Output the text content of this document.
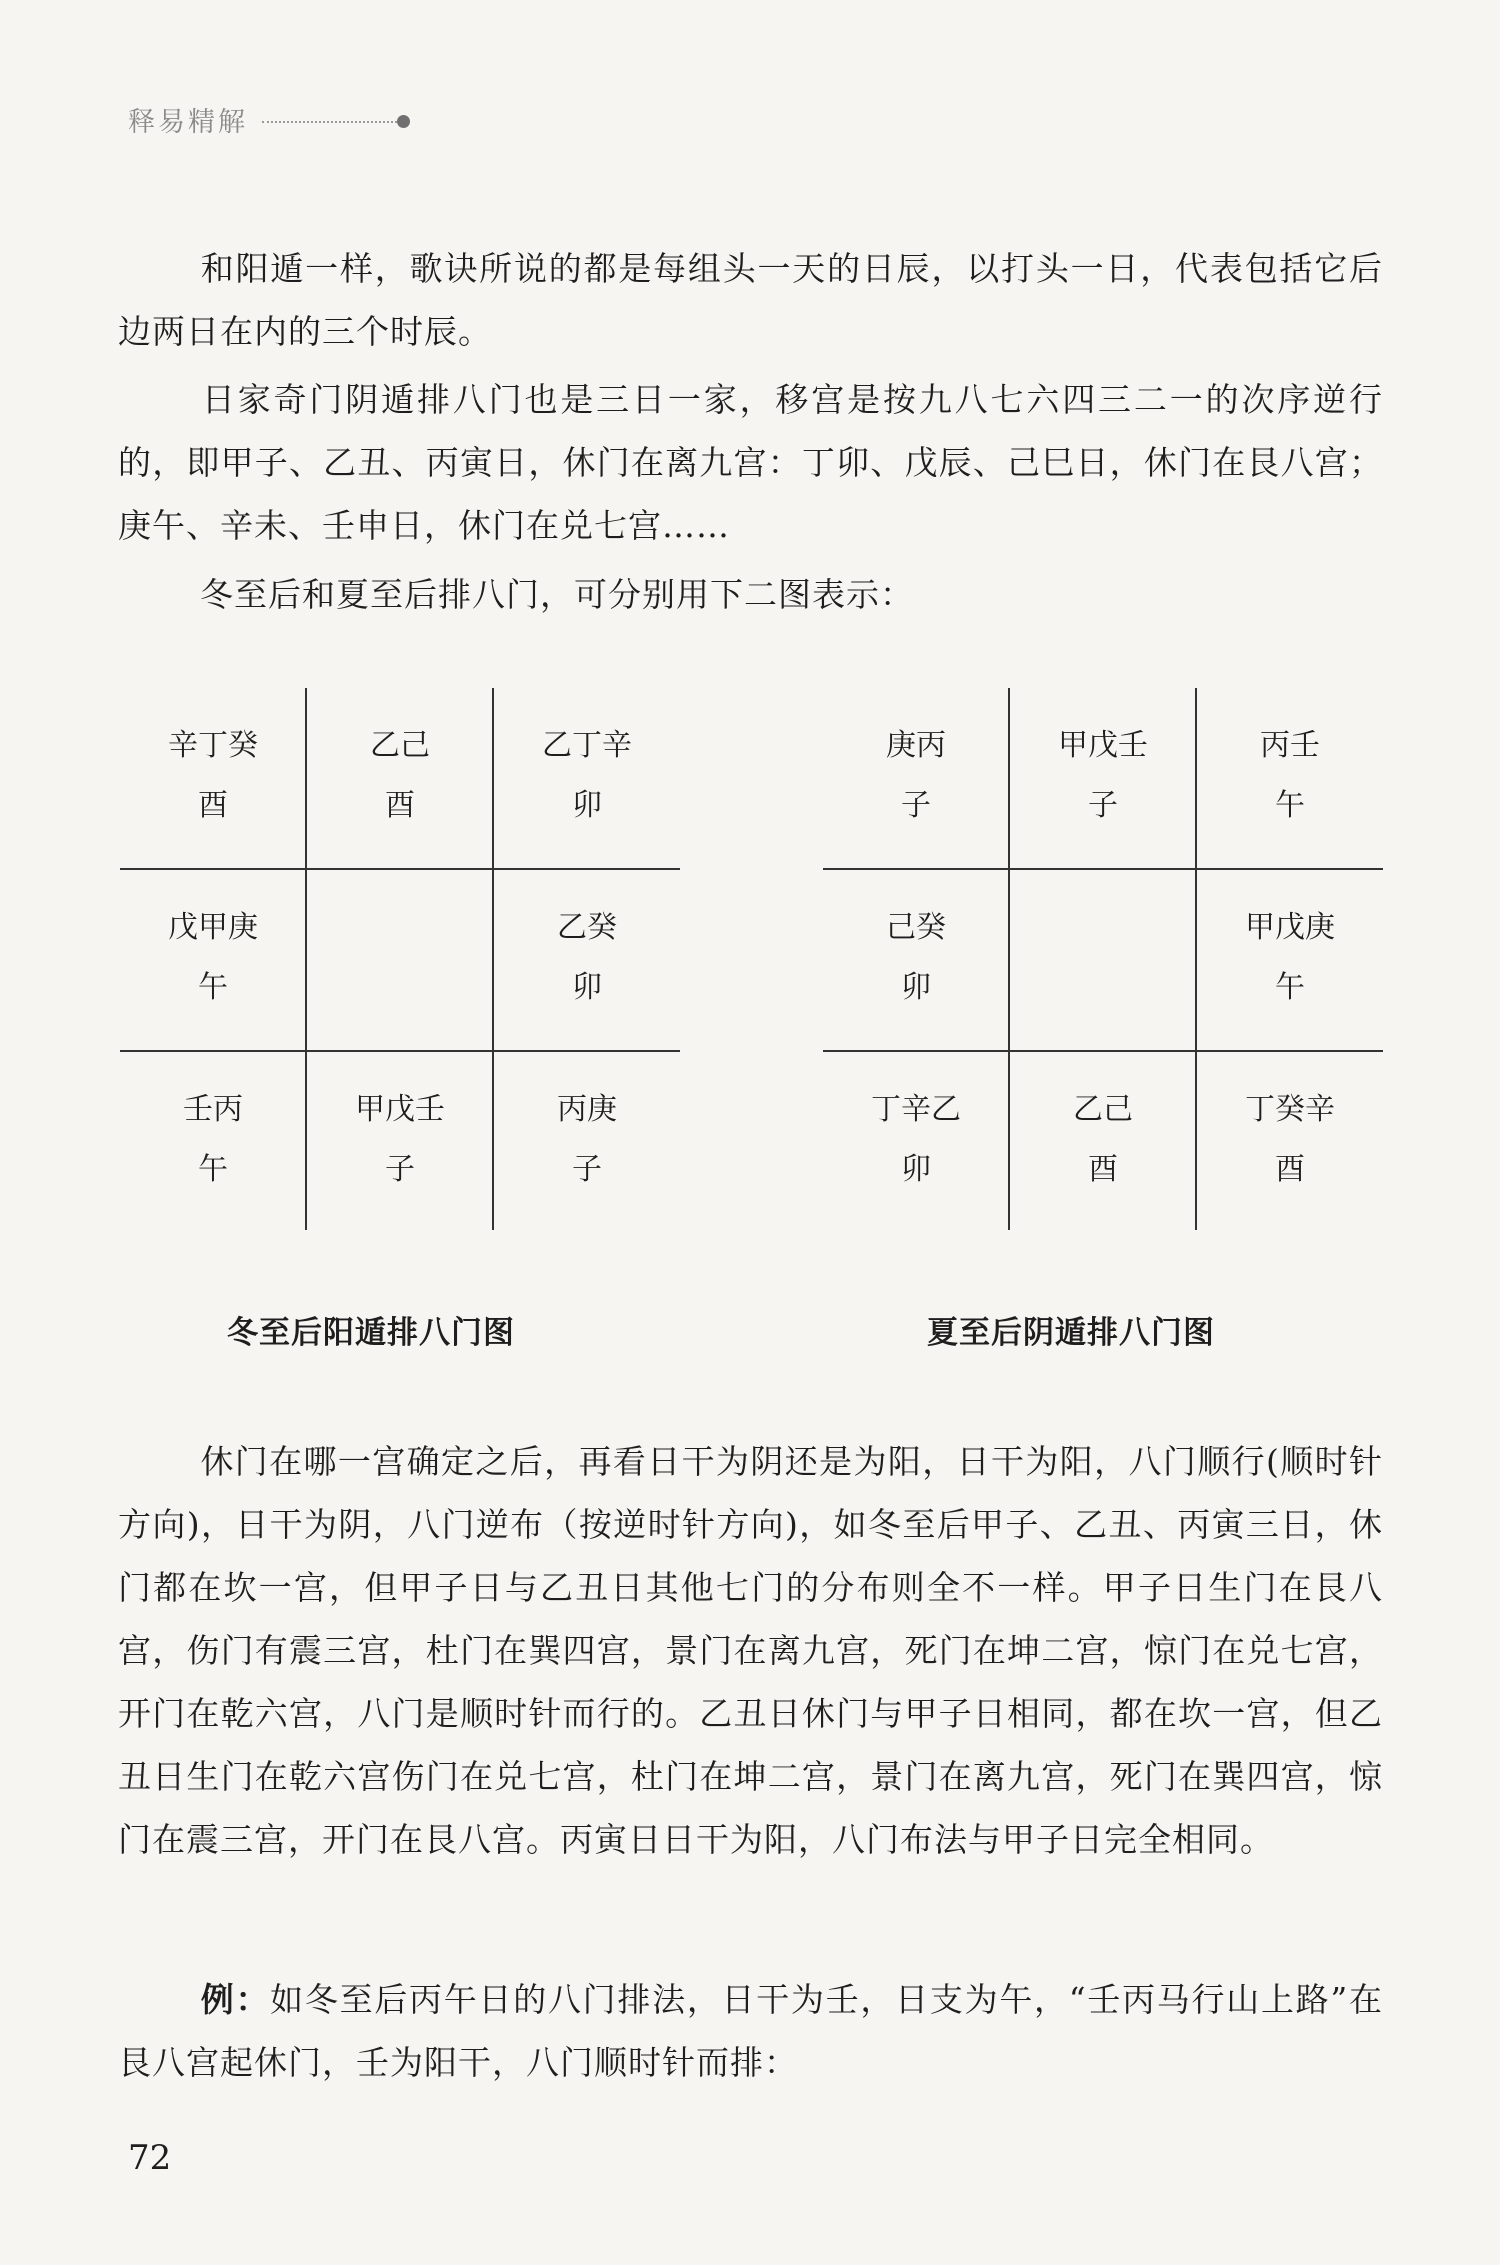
释易精解

和阳遁一样，歌诀所说的都是每组头一天的日辰，以打头一日，代表包括它后边两日在内的三个时辰。

日家奇门阴遁排八门也是三日一家，移宫是按九八七六四三二一的次序逆行的，即甲子、乙丑、丙寅日，休门在离九宫：丁卯、戊辰、己巳日，休门在艮八宫；庚午、辛未、壬申日，休门在兑七宫……

冬至后和夏至后排八门，可分别用下二图表示：

辛丁癸
酉
乙己
酉
乙丁辛
卯
戊甲庚
午
乙癸
卯
壬丙
午
甲戊壬
子
丙庚
子
庚丙
子
甲戊壬
子
丙壬
午
己癸
卯
甲戊庚
午
丁辛乙
卯
乙己
酉
丁癸辛
酉
冬至后阳遁排八门图	夏至后阴遁排八门图

休门在哪一宫确定之后，再看日干为阴还是为阳，日干为阳，八门顺行(顺时针方向)，日干为阴，八门逆布（按逆时针方向)，如冬至后甲子、乙丑、丙寅三日，休门都在坎一宫，但甲子日与乙丑日其他七门的分布则全不一样。甲子日生门在艮八宫，伤门有震三宫，杜门在巽四宫，景门在离九宫，死门在坤二宫，惊门在兑七宫，开门在乾六宫，八门是顺时针而行的。乙丑日休门与甲子日相同，都在坎一宫，但乙丑日生门在乾六宫伤门在兑七宫，杜门在坤二宫，景门在离九宫，死门在巽四宫，惊门在震三宫，开门在艮八宫。丙寅日日干为阳，八门布法与甲子日完全相同。

例：如冬至后丙午日的八门排法，日干为壬，日支为午，“壬丙马行山上路”在艮八宫起休门，壬为阳干，八门顺时针而排：

72
